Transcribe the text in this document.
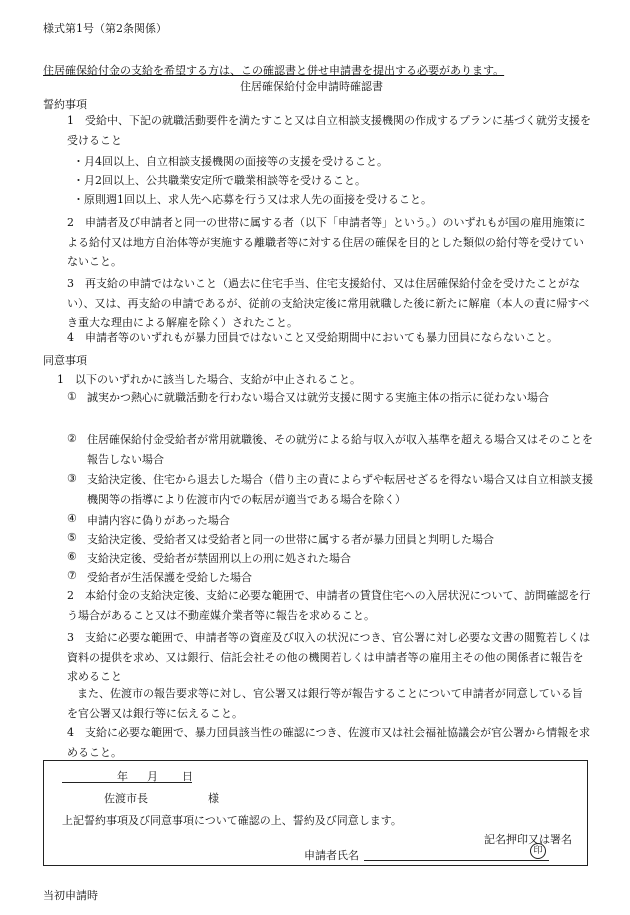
様式第1号（第2条関係）
住居確保給付金の支給を希望する方は、この確認書と併せ申請書を提出する必要があります。
住居確保給付金申請時確認書
誓約事項
1　受給中、下記の就職活動要件を満たすこと又は自立相談支援機関の作成するプランに基づく就労支援を受けること
・月4回以上、自立相談支援機関の面接等の支援を受けること。
・月2回以上、公共職業安定所で職業相談等を受けること。
・原則週1回以上、求人先へ応募を行う又は求人先の面接を受けること。
2　申請者及び申請者と同一の世帯に属する者（以下「申請者等」という。）のいずれもが国の雇用施策による給付又は地方自治体等が実施する離職者等に対する住居の確保を目的とした類似の給付等を受けていないこと。
3　再支給の申請ではないこと（過去に住宅手当、住宅支援給付、又は住居確保給付金を受けたことがない）、又は、再支給の申請であるが、従前の支給決定後に常用就職した後に新たに解雇（本人の責に帰すべき重大な理由による解雇を除く）されたこと。
4　申請者等のいずれもが暴力団員ではないこと又受給期間中においても暴力団員にならないこと。
同意事項
1　以下のいずれかに該当した場合、支給が中止されること。
① 誠実かつ熱心に就職活動を行わない場合又は就労支援に関する実施主体の指示に従わない場合
② 住居確保給付金受給者が常用就職後、その就労による給与収入が収入基準を超える場合又はそのことを報告しない場合
③ 支給決定後、住宅から退去した場合（借り主の責によらずや転居せざるを得ない場合又は自立相談支援機関等の指導により佐渡市内での転居が適当である場合を除く）
④ 申請内容に偽りがあった場合
⑤ 支給決定後、受給者又は受給者と同一の世帯に属する者が暴力団員と判明した場合
⑥ 支給決定後、受給者が禁固刑以上の刑に処された場合
⑦ 受給者が生活保護を受給した場合
2　本給付金の支給決定後、支給に必要な範囲で、申請者の賃貸住宅への入居状況について、訪問確認を行う場合があること又は不動産媒介業者等に報告を求めること。
3　支給に必要な範囲で、申請者等の資産及び収入の状況につき、官公署に対し必要な文書の閲覧若しくは資料の提供を求め、又は銀行、信託会社その他の機関若しくは申請者等の雇用主その他の関係者に報告を求めること
また、佐渡市の報告要求等に対し、官公署又は銀行等が報告することについて申請者が同意している旨を官公署又は銀行等に伝えること。
4　支給に必要な範囲で、暴力団員該当性の確認につき、佐渡市又は社会福祉協議会が官公署から情報を求めること。
年 月 日
佐渡市長	様
上記誓約事項及び同意事項について確認の上、誓約及び同意します。
記名押印又は署名
申請者氏名	印
当初申請時
